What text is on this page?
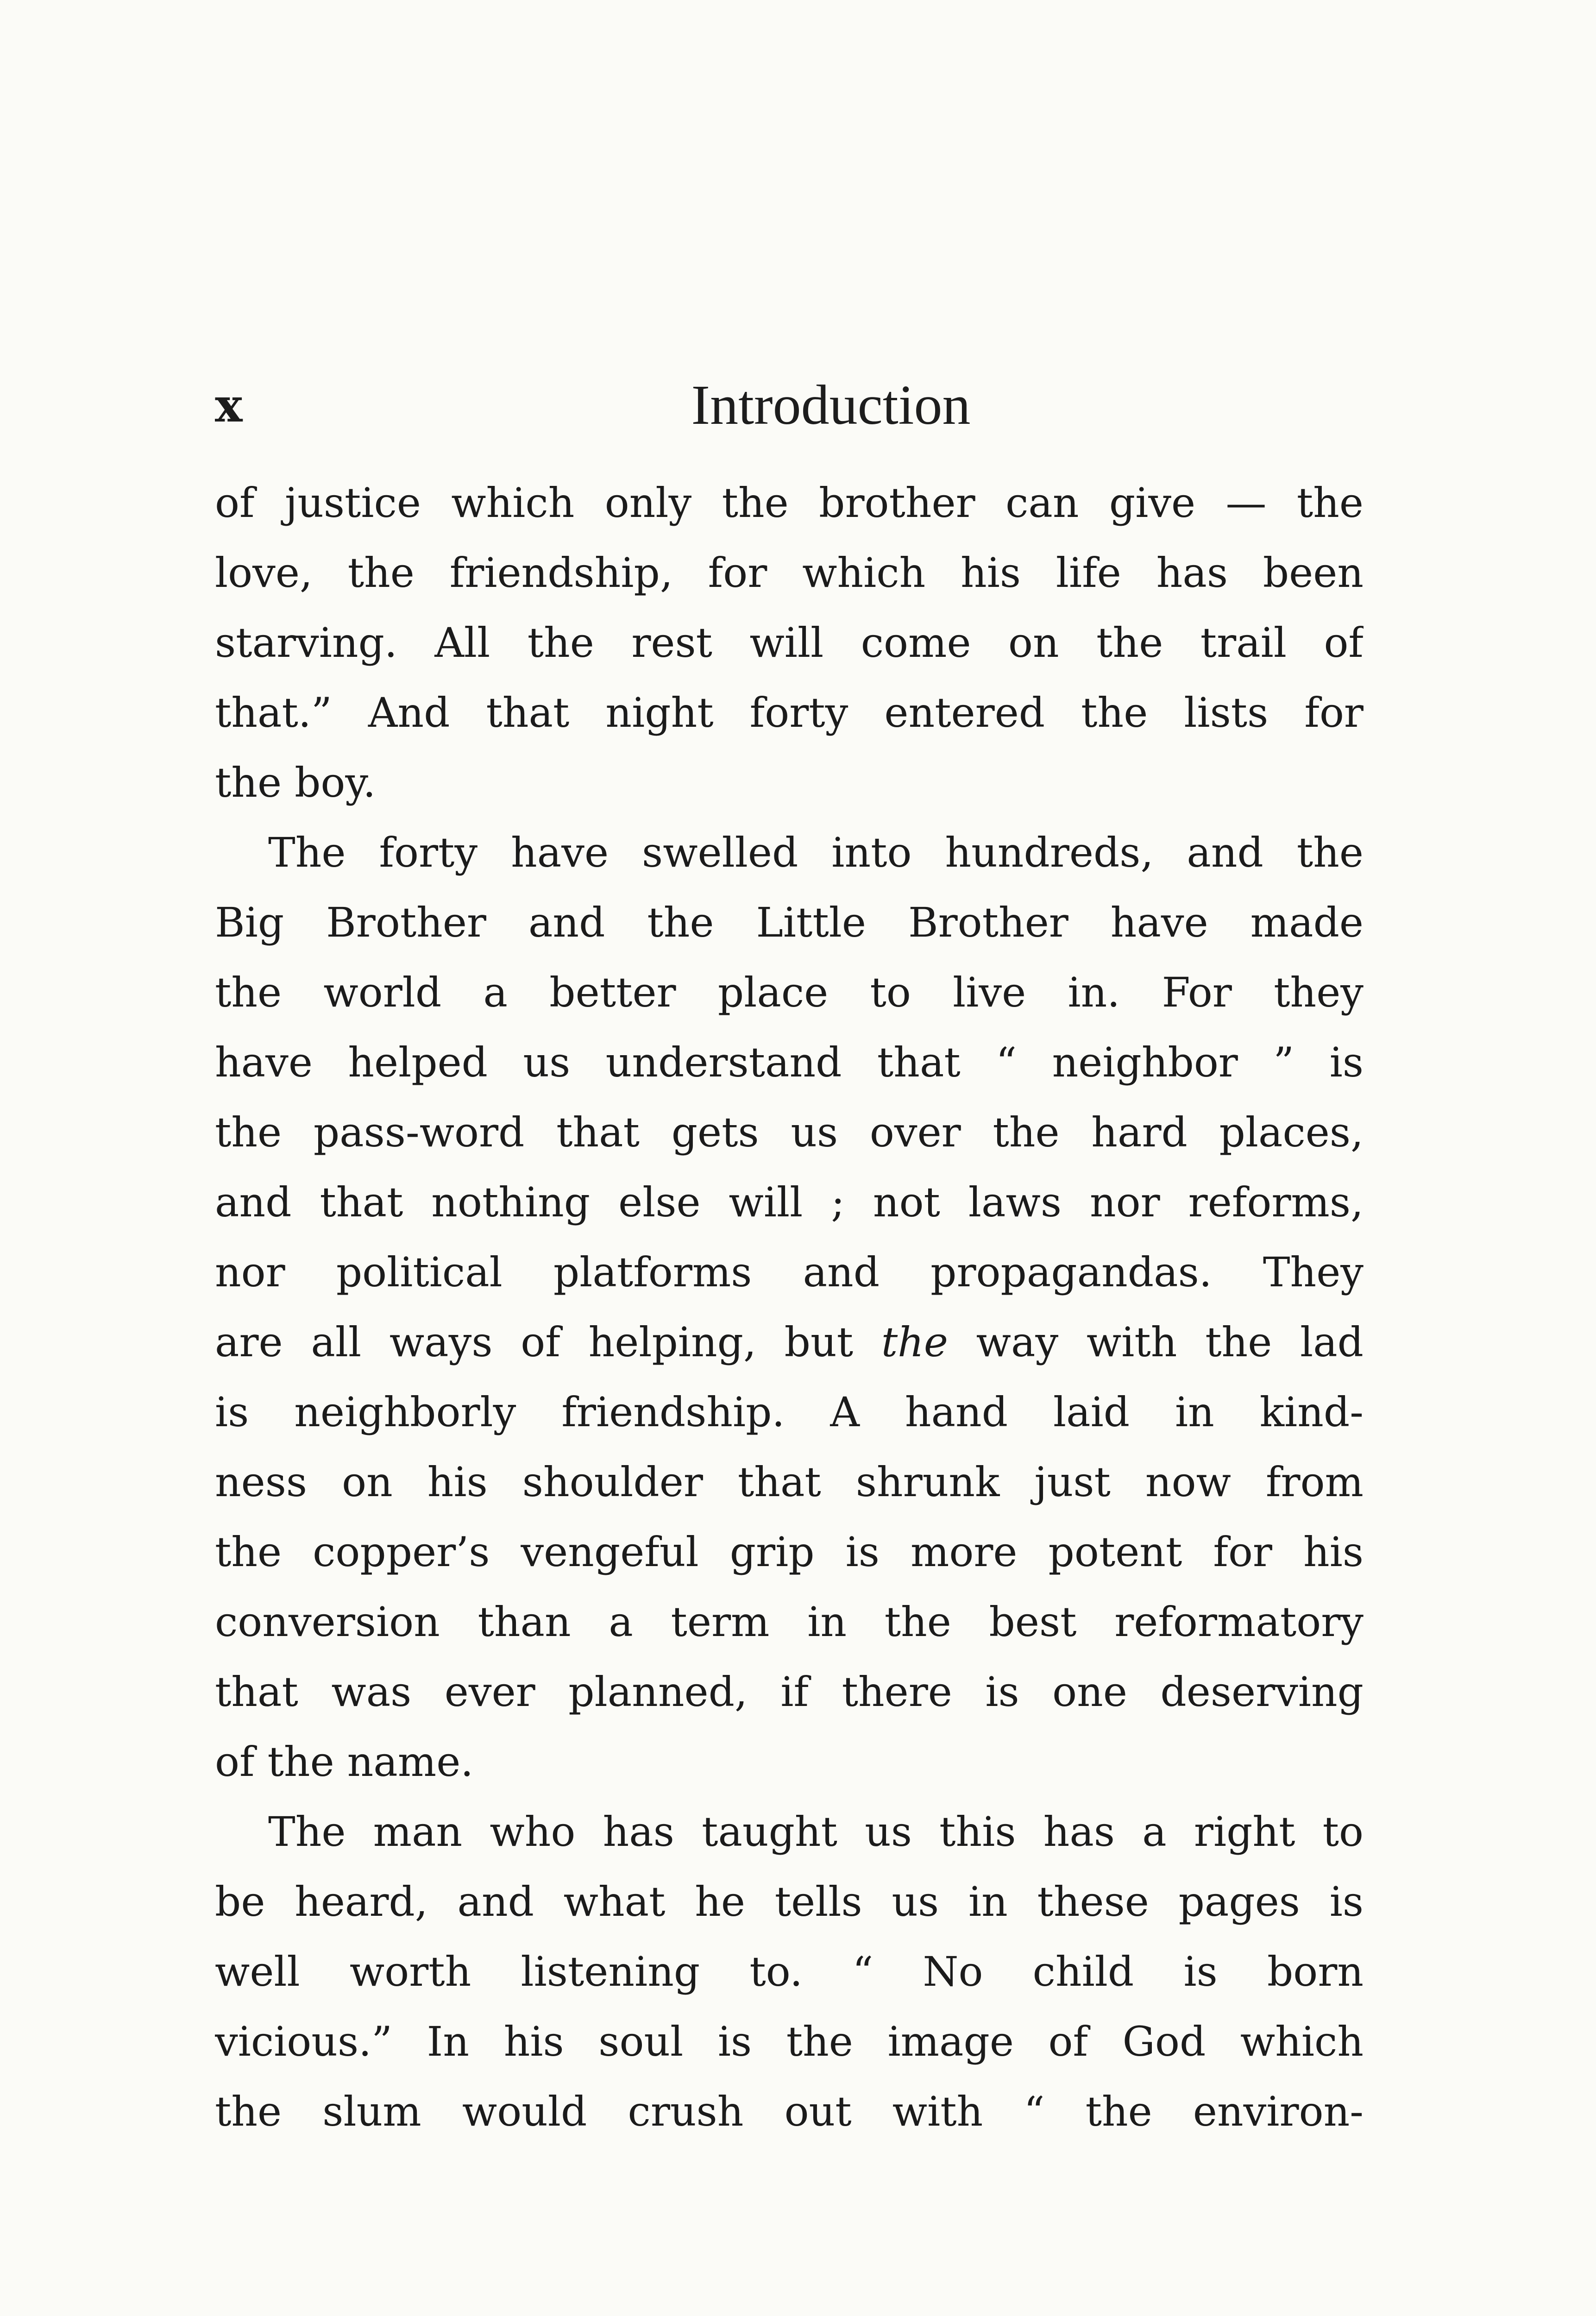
x	Introduction
of justice which only the brother can give — the
love, the friendship, for which his life has been
starving. All the rest will come on the trail of
that.” And that night forty entered the lists for
the boy.
The forty have swelled into hundreds, and the
Big Brother and the Little Brother have made
the world a better place to live in. For they
have helped us understand that “ neighbor ” is
the pass-word that gets us over the hard places,
and that nothing else will ; not laws nor reforms,
nor political platforms and propagandas. They
are all ways of helping, but the way with the lad
is neighborly friendship. A hand laid in kind-
ness on his shoulder that shrunk just now from
the copper’s vengeful grip is more potent for his
conversion than a term in the best reformatory
that was ever planned, if there is one deserving
of the name.
The man who has taught us this has a right to
be heard, and what he tells us in these pages is
well worth listening to. “ No child is born
vicious.” In his soul is the image of God which
the slum would crush out with “ the environ-
